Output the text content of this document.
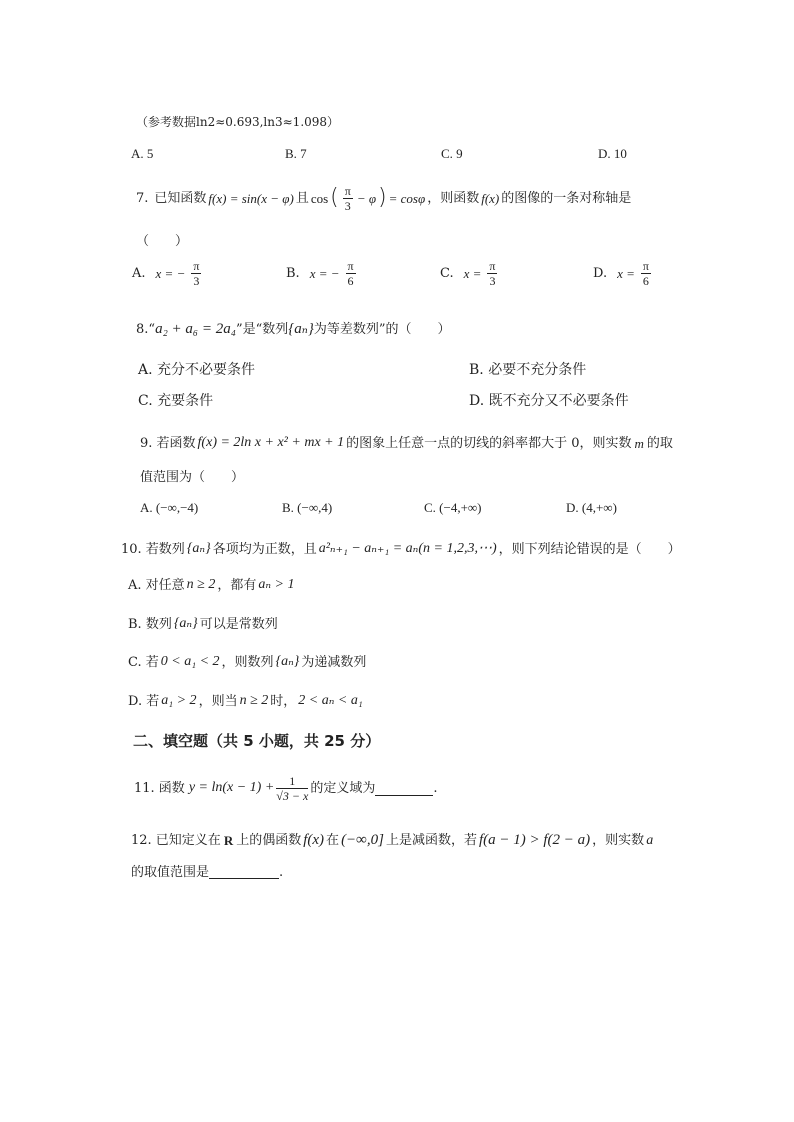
（参考数据ln2≈0.693,ln3≈1.098）
A. 5	B. 7	C. 9	D. 10
7. 已知函数 f(x) = sin(x − φ) 且 cos ( $\frac{\pi}{3} - \varphi$ ) = cosφ ，则函数 f(x) 的图像的一条对称轴是
（　　）
A. x = − $\frac{\pi}{3}$	B. x = − $\frac{\pi}{6}$	C. $x = \frac{\pi}{3}$	D. $x = \frac{\pi}{6}$
8.“ a₂ + a₆ = 2a₄ ”是“数列 {aₙ} 为等差数列”的（　　）
A. 充分不必要条件	B. 必要不充分条件
C. 充要条件	D. 既不充分又不必要条件
9. 若函数 f(x) = 2ln x + x² + mx + 1 的图象上任意一点的切线的斜率都大于 0，则实数 m 的取
值范围为（　　）
A. (−∞,−4)	B. (−∞,4)	C. (−4,+∞)	D. (4,+∞)
10. 若数列 {aₙ} 各项均为正数，且 a²ₙ₊₁ − aₙ₊₁ = aₙ(n = 1,2,3,⋯) ，则下列结论错误的是（　　）
A. 对任意 n ≥ 2 ，都有 aₙ > 1
B. 数列 {aₙ} 可以是常数列
C. 若 0 < a₁ < 2 ，则数列 {aₙ} 为递减数列
D. 若 a₁ > 2 ，则当 n ≥ 2 时， 2 < aₙ < a₁
二、填空题（共 5 小题，共 25 分）
11. 函数 $y = \ln(x - 1) + \frac{1}{√3 - x}$ 的定义域为	.
12. 已知定义在 R 上的偶函数 f(x) 在 (−∞,0] 上是减函数，若 f(a − 1) > f(2 − a) ，则实数 a
的取值范围是	.
